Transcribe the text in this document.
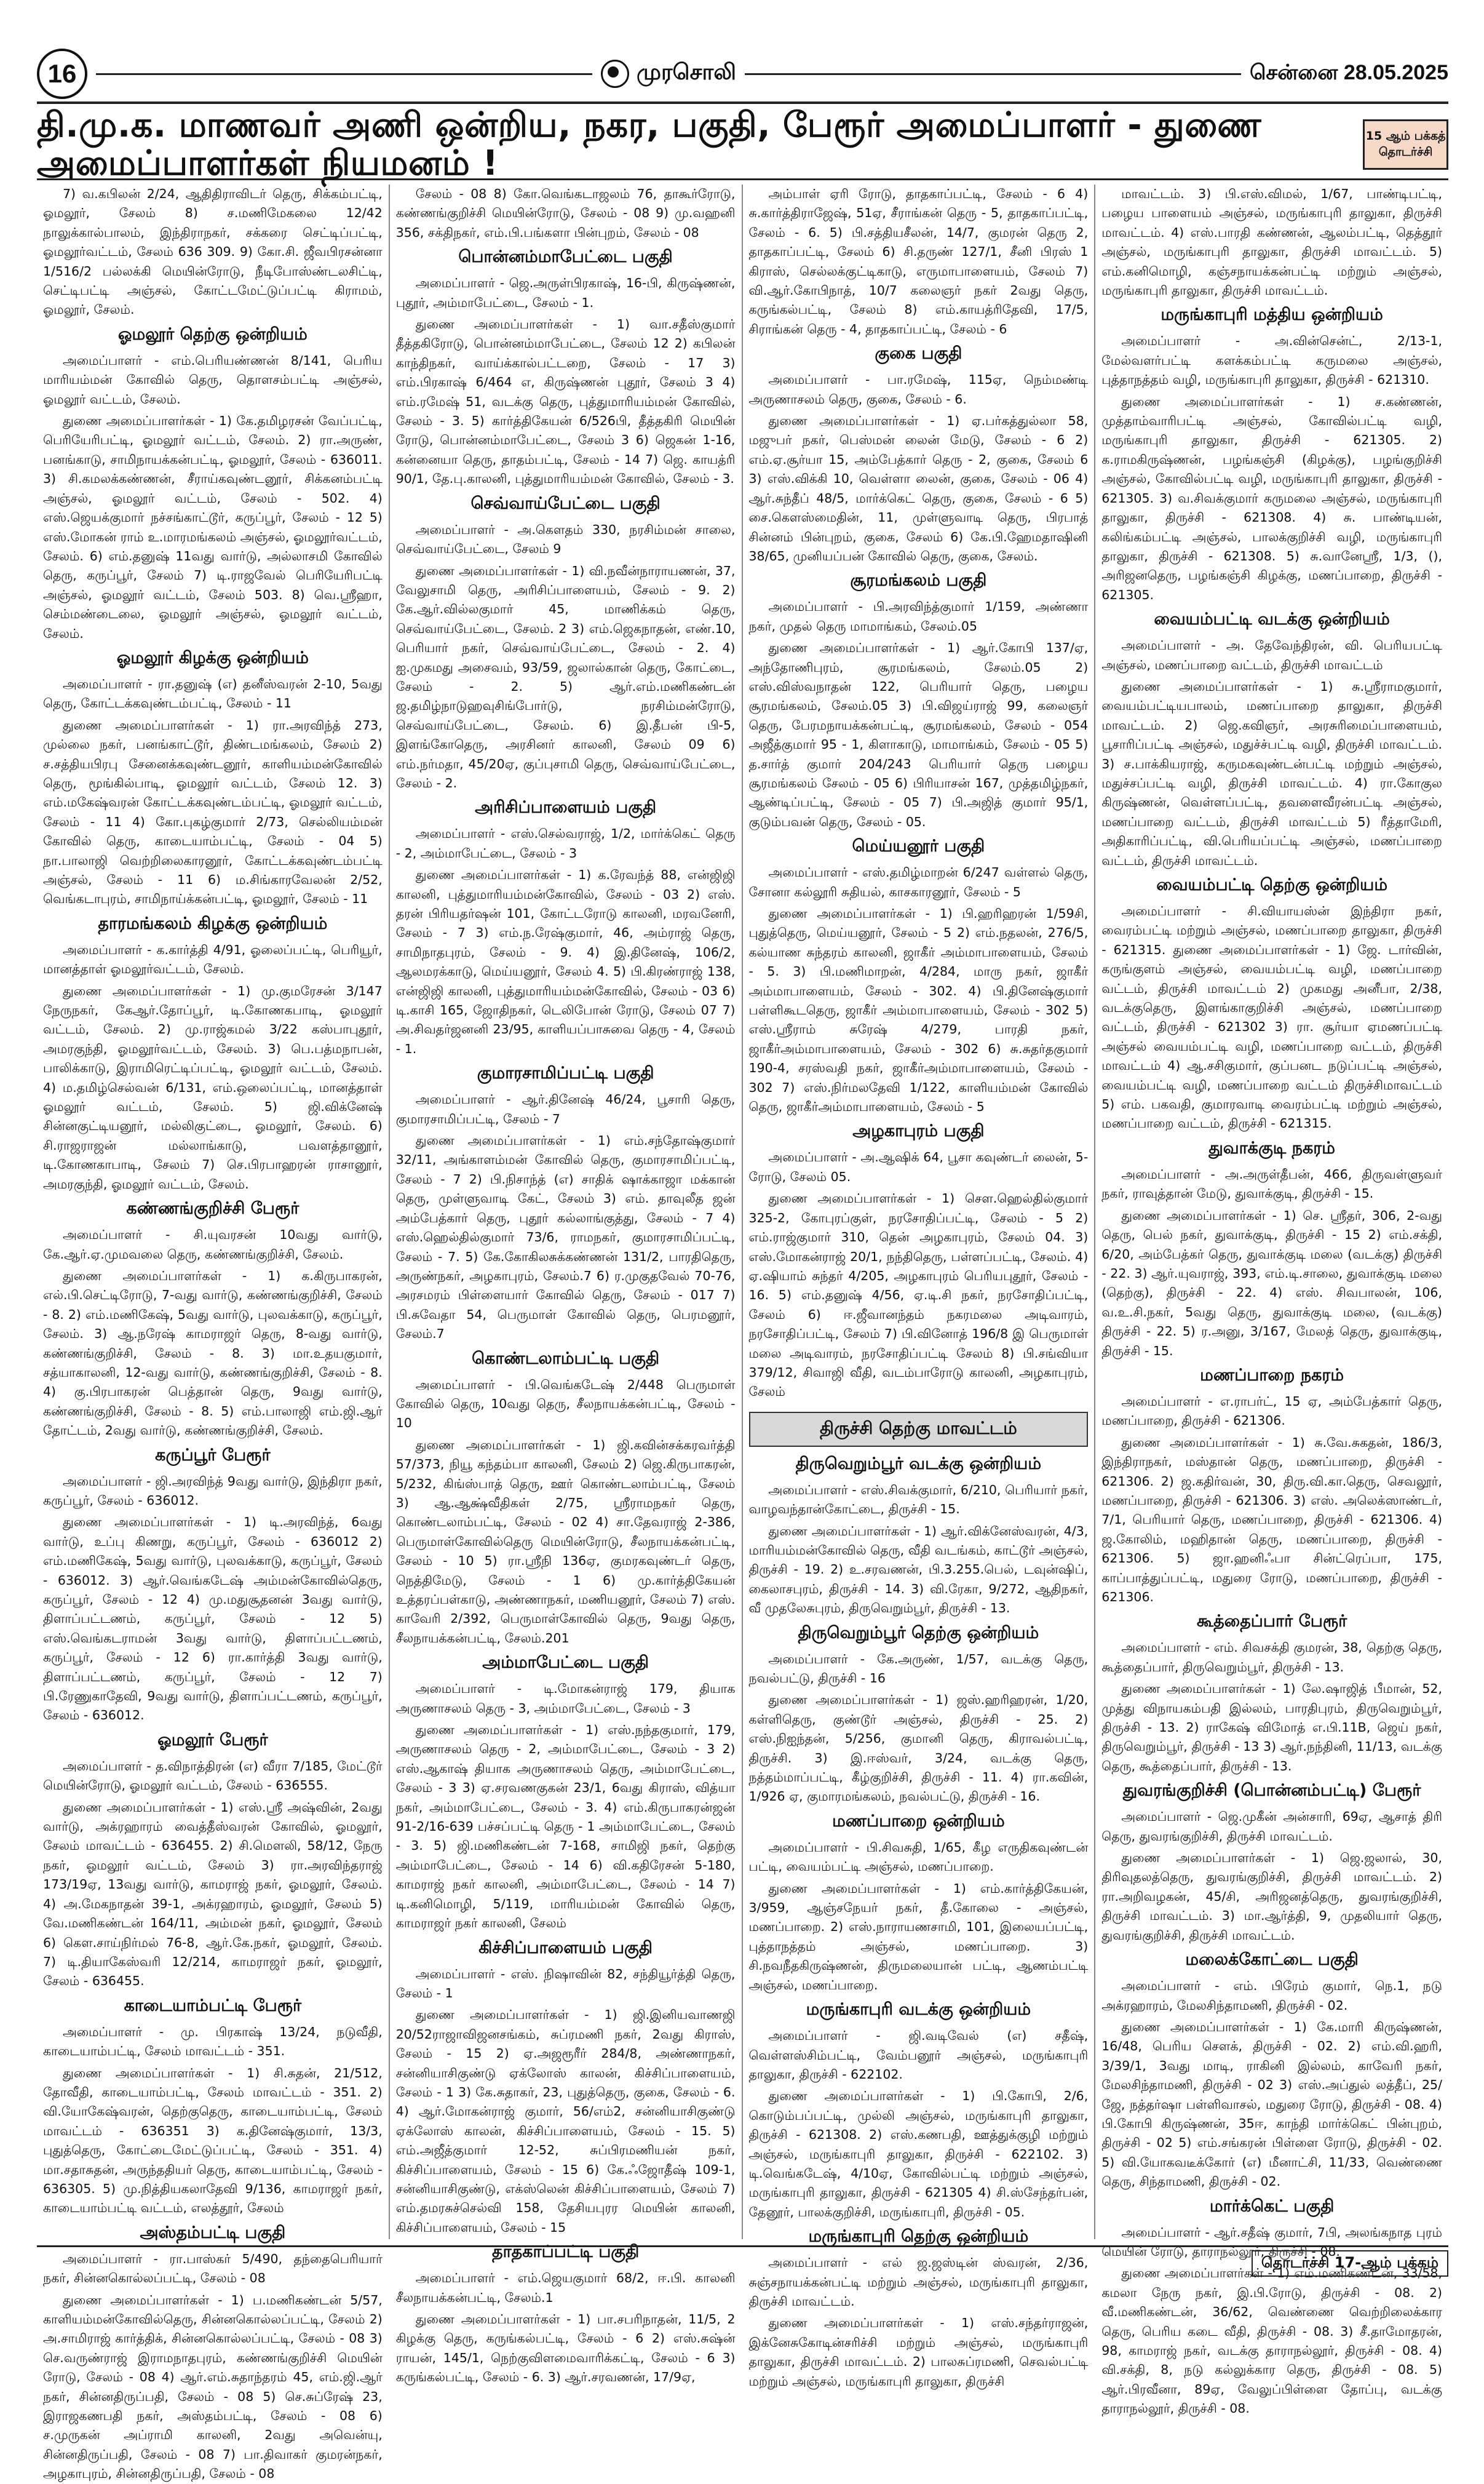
16	முரசொலி	சென்னை 28.05.2025
தி.மு.க. மாணவர் அணி ஒன்றிய, நகர, பகுதி, பேரூர் அமைப்பாளர் - துணை அமைப்பாளர்கள் நியமனம் !
15 ஆம் பக்கத்
தொடர்ச்சி

7) வ.கபிலன் 2/24, ஆதிதிராவிடர் தெரு, சிக்கம்பட்டி, ஓமலூர், சேலம் 8) ச.மணிமேகலை 12/42 நாலுக்கால்பாலம், இந்திராநகர், சக்கரை செட்டிப்பட்டி, ஓமலூர்வட்டம், சேலம் 636 309. 9) கோ.சி. ஜீவபிரசன்னா 1/516/2 பல்லக்கி மெயின்ரோடு, நீடிபோஸ்ண்டலசிட்டி, செட்டிபட்டி அஞ்சல், கோட்டமேட்டுப்பட்டி கிராமம், ஓமலூர், சேலம்.

ஓமலூர் தெற்கு ஒன்றியம்

அமைப்பாளர் - எம்.பெரியண்ணன் 8/141, பெரிய மாரியம்மன் கோவில் தெரு, தொளசம்பட்டி அஞ்சல், ஓமலூர் வட்டம், சேலம்.

துணை அமைப்பாளர்கள் - 1) கே.தமிழரசன் வேப்பட்டி, பெரியேரிபட்டி, ஓமலூர் வட்டம், சேலம். 2) ரா.அருண், பனங்காடு, சாமிநாயக்கன்பட்டி, ஓமலூர், சேலம் - 636011. 3) சி.கமலக்கண்ணன், சீராய்கவுண்டனூர், சிக்கனம்பட்டி அஞ்சல், ஓமலூர் வட்டம், சேலம் - 502. 4) எஸ்.ஜெயக்குமார் நச்சங்காட்டூர், கருப்பூர், சேலம் - 12 5) எஸ்.மோகன் ராம் உ.மாரமங்கலம் அஞ்சல், ஓமலூர்வட்டம், சேலம். 6) எம்.தனுஷ் 11வது வார்டு, அல்லாசமி கோவில் தெரு, கருப்பூர், சேலம் 7) டி.ராஜவேல் பெரியேரிபட்டி அஞ்சல், ஓமலூர் வட்டம், சேலம் 503. 8) வெ.ஸ்ரீஹா, செம்மண்டைலை, ஓமலூர் அஞ்சல், ஓமலூர் வட்டம், சேலம்.

ஓமலூர் கிழக்கு ஒன்றியம்

அமைப்பாளர் - ரா.தனுஷ் (எ) தனீஸ்வரன் 2-10, 5வது தெரு, கோட்டக்கவுண்டம்பட்டி, சேலம் - 11

துணை அமைப்பாளர்கள் - 1) ரா.அரவிந்த் 273, முல்லை நகர், பனங்காட்டூர், திண்டமங்கலம், சேலம் 2) ச.சத்தியபிரபு சேனைக்கவுண்டனூர், காளியம்மன்கோவில் தெரு, மூங்கில்பாடி, ஓமலூர் வட்டம், சேலம் 12. 3) எம்.மகேஷ்வரன் கோட்டக்கவுண்டம்பட்டி, ஓமலூர் வட்டம், சேலம் - 11 4) கோ.புகழ்குமார் 2/73, செல்லியம்மன் கோவில் தெரு, காடையாம்பட்டி, சேலம் - 04 5) நா.பாலாஜி வெற்றிலைகாரனூர், கோட்டக்கவுண்டம்பட்டி அஞ்சல், சேலம் - 11 6) ம.சிங்காரவேலன் 2/52, வெங்கடாபுரம், சாமிநாய்க்கன்பட்டி, ஓமலூர், சேலம் - 11

தாரமங்கலம் கிழக்கு ஒன்றியம்

அமைப்பாளர் - க.கார்த்தி 4/91, ஓலைப்பட்டி, பெரியூர், மானத்தாள் ஓமலூர்வட்டம், சேலம்.

துணை அமைப்பாளர்கள் - 1) மு.குமரேசன் 3/147 நேருநகர், கேஆர்.தோப்பூர், டி.கோணகபாடி, ஓமலூர் வட்டம், சேலம். 2) மு.ராஜ்கமல் 3/22 கஸ்பாபுதூர், அமரகுந்தி, ஓமலூர்வட்டம், சேலம். 3) பெ.பத்மநாபன், பாலிக்காடு, இராமிரெட்டிப்பட்டி, ஓமலூர் வட்டம், சேலம். 4) ம.தமிழ்செல்வன் 6/131, எம்.ஒலைப்பட்டி, மானத்தாள் ஓமலூர் வட்டம், சேலம். 5) ஜி.விக்னேஷ் சின்னகுட்டியனூர், மல்லிகுட்டை, ஓமலூர், சேலம். 6) சி.ராஜராஜன் மல்லாங்காடு, பவளத்தானூர், டி.கோணகாபாடி, சேலம் 7) செ.பிரபாஹரன் ராசானூர், அமரகுந்தி, ஓமலூர் வட்டம், சேலம்.

கண்ணங்குறிச்சி பேரூர்

அமைப்பாளர் - சி.யுவரசன் 10வது வார்டு, கே.ஆர்.ஏ.முமவலை தெரு, கண்ணங்குறிச்சி, சேலம்.

துணை அமைப்பாளர்கள் - 1) க.கிருபாகரன், எல்.பி.செட்டிரோடு, 7-வது வார்டு, கண்ணங்குறிச்சி, சேலம் - 8. 2) எம்.மணிகேஷ், 5வது வார்டு, புலவக்காடு, கருப்பூர், சேலம். 3) ஆ.நரேஷ் காமராஜர் தெரு, 8-வது வார்டு, கண்ணங்குறிச்சி, சேலம் - 8. 3) மா.உதயகுமார், சத்யாகாலனி, 12-வது வார்டு, கண்ணங்குறிச்சி, சேலம் - 8. 4) கு.பிரபாகரன் பெத்தான் தெரு, 9வது வார்டு, கண்ணங்குறிச்சி, சேலம் - 8. 5) எம்.பாலாஜி எம்.ஜி.ஆர் தோட்டம், 2வது வார்டு, கண்ணங்குறிச்சி, சேலம்.

கருப்பூர் பேரூர்

அமைப்பாளர் - ஜி.அரவிந்த் 9வது வார்டு, இந்திரா நகர், கருப்பூர், சேலம் - 636012.

துணை அமைப்பாளர்கள் - 1) டி.அரவிந்த், 6வது வார்டு, உப்பு கிணறு, கருப்பூர், சேலம் - 636012 2) எம்.மணிகேஷ், 5வது வார்டு, புலவக்காடு, கருப்பூர், சேலம் - 636012. 3) ஆர்.வெங்கடேஷ் அம்மன்கோவில்தெரு, கருப்பூர், சேலம் - 12 4) மு.மதுசூதனன் 3வது வார்டு, திளாப்பட்டணம், கருப்பூர், சேலம் - 12 5) எஸ்.வெங்கடராமன் 3வது வார்டு, திளாப்பட்டணம், கருப்பூர், சேலம் - 12 6) ரா.கார்த்தி 3வது வார்டு, திளாப்பட்டணம், கருப்பூர், சேலம் - 12 7) பி.ரேணுகாதேவி, 9வது வார்டு, திளாப்பட்டணம், கருப்பூர், சேலம் - 636012.

ஓமலூர் பேரூர்

அமைப்பாளர் - த.விநாத்திரன் (எ) வீரா 7/185, மேட்டூர் மெயின்ரோடு, ஓமலூர் வட்டம், சேலம் - 636555.

துணை அமைப்பாளர்கள் - 1) எஸ்.ஸ்ரீ அஷ்வின், 2வது வார்டு, அக்ரஹாரம் வைத்தீஸ்வரன் கோவில், ஓமலூர், சேலம் மாவட்டம் - 636455. 2) சி.மௌலி, 58/12, நேரு நகர், ஓமலூர் வட்டம், சேலம் 3) ரா.அரவிந்தராஜ் 173/19ஏ, 13வது வார்டு, காமராஜ் நகர், ஓமலூர், சேலம். 4) அ.மேகநாதன் 39-1, அக்ரஹாரம், ஓமலூர், சேலம் 5) வே.மணிகண்டன் 164/11, அம்மன் நகர், ஓமலூர், சேலம் 6) கௌ.சாய்நிர்மல் 76-8, ஆர்.கே.நகர், ஓமலூர், சேலம். 7) டி.தியாகேஸ்வரி 12/214, காமராஜர் நகர், ஓமலூர், சேலம் - 636455.

காடையாம்பட்டி பேரூர்

அமைப்பாளர் - மு. பிரகாஷ் 13/24, நடுவீதி, காடையாம்பட்டி, சேலம் மாவட்டம் - 351.

துணை அமைப்பாளர்கள் - 1) சி.சுதன், 21/512, தோவீதி, காடையாம்பட்டி, சேலம் மாவட்டம் - 351. 2) வி.யோகேஷ்வரன், தெற்குதெரு, காடையாம்பட்டி, சேலம் மாவட்டம் - 636351 3) க.தினேஷ்குமார், 13/3, புதுத்தெரு, கோட்டைமேட்டுப்பட்டி, சேலம் - 351. 4) மா.சதாசுதன், அருந்ததியர் தெரு, காடையாம்பட்டி, சேலம் - 636305. 5) மு.நித்தியகலாதேவி 9/136, காமராஜர் நகர், காடையாம்பட்டி வட்டம், எலத்தூர், சேலம்

அஸ்தம்பட்டி பகுதி

அமைப்பாளர் - ரா.பாஸ்கர் 5/490, தந்தைபெரியார் நகர், சின்னகொல்லப்பட்டி, சேலம் - 08

துணை அமைப்பாளர்கள் - 1) ப.மணிகண்டன் 5/57, காளியம்மன்கோவில்தெரு, சின்னகொல்லப்பட்டி, சேலம் 2) அ.சாமிராஜ் கார்த்திக், சின்னகொல்லப்பட்டி, சேலம் - 08 3) செ.வருண்ராஜ் இராமநாதபுரம், கண்ணங்குறிச்சி மெயின் ரோடு, சேலம் - 08 4) ஆர்.எம்.சுதாந்தரம் 45, எம்.ஜி.ஆர் நகர், சின்னதிருப்பதி, சேலம் - 08 5) செ.சுப்ரேஷ் 23, இராஜகணபதி நகர், அஸ்தம்பட்டி, சேலம் - 08 6) ச.முருகன் அப்ராமி காலனி, 2வது அவென்யு, சின்னதிருப்பதி, சேலம் - 08 7) பா.திவாகர் குமரன்நகர், அழகாபுரம், சின்னதிருப்பதி, சேலம் - 08

சேலம் - 08 8) கோ.வெங்கடாஜலம் 76, தாகூர்ரோடு, கண்ணங்குறிச்சி மெயின்ரோடு, சேலம் - 08 9) மு.வஹனி 356, சக்திநகர், எம்.பி.பங்களா பின்புறம், சேலம் - 08

பொன்னம்மாபேட்டை பகுதி

அமைப்பாளர் - ஜெ.அருள்பிரகாஷ், 16-பி, கிருஷ்ணன், புதூர், அம்மாபேட்டை, சேலம் - 1.

துணை அமைப்பாளர்கள் - 1) வா.சதீஸ்குமார் தீத்தகிரோடு, பொன்னம்மாபேட்டை, சேலம் 12 2) கபிலன் காந்திநகர், வாய்க்கால்பட்டறை, சேலம் - 17 3) எம்.பிரகாஷ் 6/464 எ, கிருஷ்ணன் புதூர், சேலம் 3 4) எம்.ரமேஷ் 51, வடக்கு தெரு, புத்துமாரியம்மன் கோவில், சேலம் - 3. 5) கார்த்திகேயன் 6/526பி, தீத்தகிரி மெயின் ரோடு, பொன்னம்மாபேட்டை, சேலம் 3 6) ஜெகன் 1-16, கன்னையா தெரு, தாதம்பட்டி, சேலம் - 14 7) ஜெ. காயத்ரி 90/1, தே.பு.காலனி, புத்துமாரியம்மன் கோவில், சேலம் - 3.

செவ்வாய்பேட்டை பகுதி

அமைப்பாளர் - அ.கௌதம் 330, நரசிம்மன் சாலை, செவ்வாய்பேட்டை, சேலம் 9

துணை அமைப்பாளர்கள் - 1) வி.நவீன்நாராயணன், 37, வேலுசாமி தெரு, அரிசிப்பாளையம், சேலம் - 9. 2) கே.ஆர்.வில்லகுமார் 45, மாணிக்கம் தெரு, செவ்வாய்பேட்டை, சேலம். 2 3) எம்.ஜெகநாதன், எண்.10, பெரியார் நகர், செவ்வாய்பேட்டை, சேலம் - 2. 4) ஐ.முகமது அசைவம், 93/59, ஜலால்கான் தெரு, கோட்டை, சேலம் - 2. 5) ஆர்.எம்.மணிகண்டன் ஜ.தமிழ்நாடுஹவுசிங்போர்டு, நரசிம்மன்ரோடு, செவ்வாய்பேட்டை, சேலம். 6) இ.தீபன் பி-5, இளங்கோதெரு, அரசினர் காலனி, சேலம் 09 6) எம்.நர்மதா, 45/20ஏ, குப்புசாமி தெரு, செவ்வாய்பேட்டை, சேலம் - 2.

அரிசிப்பாளையம் பகுதி

அமைப்பாளர் - எஸ்.செல்வராஜ், 1/2, மார்க்கெட் தெரு - 2, அம்மாபேட்டை, சேலம் - 3

துணை அமைப்பாளர்கள் - 1) க.ரேவந்த் 88, என்ஜிஜி காலனி, புத்துமாரியம்மன்கோவில், சேலம் - 03 2) எஸ். தரன் பிரியதர்ஷன் 101, கோட்டரோடு காலனி, மரவனேரி, சேலம் - 7 3) எம்.ந.ரேஷ்குமார், 46, அம்ராஜ் தெரு, சாமிநாதபுரம், சேலம் - 9. 4) இ.தினேஷ், 106/2, ஆலமரக்காடு, மெய்யனூர், சேலம் 4. 5) பி.கிரண்ராஜ் 138, என்ஜிஜி காலனி, புத்துமாரியம்மன்கோவில், சேலம் - 03 6) டி.காசி 165, ஜோதிநகர், டெலிபோன் ரோடு, சேலம் 07 7) அ.சிவதர்ஜனனி 23/95, காளியப்பாசுவை தெரு - 4, சேலம் - 1.

குமாரசாமிப்பட்டி பகுதி

அமைப்பாளர் - ஆர்.தினேஷ் 46/24, பூசாரி தெரு, குமாரசாமிப்பட்டி, சேலம் - 7

துணை அமைப்பாளர்கள் - 1) எம்.சந்தோஷ்குமார் 32/11, அங்காளம்மன் கோவில் தெரு, குமாரசாமிப்பட்டி, சேலம் - 7 2) பி.நிசாந்த் (எ) சாதிக் ஷாக்காஜா மக்கான் தெரு, முள்ளுவாடி கேட், சேலம் 3) எம். தாவுலீத ஜன் அம்பேத்கார் தெரு, புதூர் கல்லாங்குத்து, சேலம் - 7 4) எஸ்.ஹெல்தில்குமார் 73/6, ராமநகர், குமாரசாமிப்பட்டி, சேலம் - 7. 5) கே.கோகிலசுக்கண்ணன் 131/2, பாரதிதெரு, அருண்நகர், அழகாபுரம், சேலம்.7 6) ர.முகுதவேல் 70-76, அரசமரம் பிள்ளையார் கோவில் தெரு, சேலம் - 017 7) பி.சுவேதா 54, பெருமாள் கோவில் தெரு, பெரமனூர், சேலம்.7

கொண்டலாம்பட்டி பகுதி

அமைப்பாளர் - பி.வெங்கடேஷ் 2/448 பெருமாள் கோவில் தெரு, 10வது தெரு, சீலநாயக்கன்பட்டி, சேலம் - 10

துணை அமைப்பாளர்கள் - 1) ஜி.கவின்சக்கரவர்த்தி 57/373, நியூ கந்தம்பா காலனி, சேலம் 2) ஜெ.கிருபாகரன், 5/232, கிங்ஸ்பாத் தெரு, ஊர் கொண்டலாம்பட்டி, சேலம் 3) ஆ.ஆக்ஷ்வீதிகள் 2/75, ஸ்ரீராமநகர் தெரு, கொண்டலாம்பட்டி, சேலம் - 02 4) சா.தேவராஜ் 2-386, பெருமாள்கோவில்தெரு மெயின்ரோடு, சீலநாயக்கன்பட்டி, சேலம் - 10 5) ரா.ஸ்ரீநி 136ஏ, குமரகவுண்டர் தெரு, நெத்திமேடு, சேலம் - 1 6) மு.கார்த்திகேயன் உத்தரப்பள்காடு, அண்ணாநகர், மணியனூர், சேலம் 7) எஸ். காவேரி 2/392, பெருமாள்கோவில் தெரு, 9வது தெரு, சீலநாயக்கன்பட்டி, சேலம்.201

அம்மாபேட்டை பகுதி

அமைப்பாளர் - டி.மோகன்ராஜ் 179, தியாக அருணாசலம் தெரு - 3, அம்மாபேட்டை, சேலம் - 3

துணை அமைப்பாளர்கள் - 1) எஸ்.நந்தகுமார், 179, அருணாசலம் தெரு - 2, அம்மாபேட்டை, சேலம் - 3 2) எஸ்.ஆகாஷ் தியாக அருணாசலம் தெரு, அம்மாபேட்டை, சேலம் - 3 3) ஏ.சரவணகுகன் 23/1, 6வது கிராஸ், வித்யா நகர், அம்மாபேட்டை, சேலம் - 3. 4) எம்.கிருபாகரன்ஜன் 91-2/16-639 பச்சப்பட்டி தெரு - 1 அம்மாபேட்டை, சேலம் - 3. 5) ஜி.மணிகண்டன் 7-168, சாமிஜி நகர், தெற்கு அம்மாபேட்டை, சேலம் - 14 6) வி.கதிரேசன் 5-180, காமராஜ் நகர் காலனி, அம்மாபேட்டை, சேலம் - 14 7) டி.கனிமொழி, 5/119, மாரியம்மன் கோவில் தெரு, காமராஜர் நகர் காலனி, சேலம்

கிச்சிப்பாளையம் பகுதி

அமைப்பாளர் - எஸ். நிஷாவின் 82, சந்தியூர்த்தி தெரு, சேலம் - 1

துணை அமைப்பாளர்கள் - 1) ஜி.இனியவாணஜி 20/52ராஜாவிஜனசங்கம், சுப்ரமணி நகர், 2வது கிராஸ், சேலம் - 15 2) ஏ.அஜரூரீர் 284/8, அண்ணாநகர், சன்னியாசிகுண்டு ஏக்லோஸ் காலன், கிச்சிப்பாளையம், சேலம் - 1 3) கே.சுதாகர், 23, புதுத்தெரு, குகை, சேலம் - 6. 4) ஆர்.மோகன்ராஜ் குமார், 56/எம்2, சன்னியாசிகுண்டு ஏக்லோஸ் காலன், கிச்சிப்பாளையம், சேலம் - 15. 5) எம்.அஜீத்குமார் 12-52, சுப்பிரமணியன் நகர், கிச்சிப்பாளையம், சேலம் - 15 6) கே.ஃஜோதீஷ் 109-1, சன்னியாசிகுண்டு, எக்ஸ்லென் கிச்சிப்பாளையம், சேலம் 7) எம்.தமரசுச்செல்வி 158, தேசியபுரர மெயின் காலனி, கிச்சிப்பாளையம், சேலம் - 15

தாதகாப்பட்டி பகுதி

அமைப்பாளர் - எம்.ஜெயகுமார் 68/2, ஈ.பி. காலனி சீலநாயக்கன்பட்டி, சேலம்.1

துணை அமைப்பாளர்கள் - 1) பா.சபரிநாதன், 11/5, 2 கிழக்கு தெரு, கருங்கல்பட்டி, சேலம் - 6 2) எஸ்.சுஷ்ன் ராயன், 145/1, நெற்குவிளமைவாரிக்கட்டி, சேலம் - 6 3) கருங்கல்பட்டி, சேலம் - 6. 3) ஆர்.சரவணன், 17/9ஏ,

அம்பாள் ஏரி ரோடு, தாதகாப்பட்டி, சேலம் - 6 4) சு.கார்த்திராஜேஷ், 51ஏ, சீராங்கன் தெரு - 5, தாதகாப்பட்டி, சேலம் - 6. 5) பி.சத்தியசீலன், 14/7, குமரன் தெரு 2, தாதகாப்பட்டி, சேலம் 6) சி.தருண் 127/1, சீனி பிரஸ் 1 கிராஸ், செல்லக்குட்டிகாடு, எருமாபாளையம், சேலம் 7) வி.ஆர்.கோபிநாத், 10/7 கலைஞர் நகர் 2வது தெரு, கருங்கல்பட்டி, சேலம் 8) எம்.காயத்ரிதேவி, 17/5, சிராங்கன் தெரு - 4, தாதகாப்பட்டி, சேலம் - 6

குகை பகுதி

அமைப்பாளர் - பா.ரமேஷ், 115ஏ, நெம்மண்டி அருணாசலம் தெரு, குகை, சேலம் - 6.

துணை அமைப்பாளர்கள் - 1) ஏ.பர்கத்துல்லா 58, மஜுபர் நகர், பெஸ்மன் லைன் மேடு, சேலம் - 6 2) எம்.ஏ.சூர்யா 15, அம்பேத்கார் தெரு - 2, குகை, சேலம் 6 3) எஸ்.விக்கி 10, வெள்ளா லைன், குகை, சேலம் - 06 4) ஆர்.சுந்தீப் 48/5, மார்க்கெட் தெரு, குகை, சேலம் - 6 5) சை.கௌஸ்மைதின், 11, முள்ளுவாடி தெரு, பிரபாத் சின்னம் பின்புறம், குகை, சேலம் 6) கே.பி.ஹேமதாஷினி 38/65, முனியப்பன் கோவில் தெரு, குகை, சேலம்.

சூரமங்கலம் பகுதி

அமைப்பாளர் - பி.அரவிந்த்குமார் 1/159, அண்ணா நகர், முதல் தெரு மாமாங்கம், சேலம்.05

துணை அமைப்பாளர்கள் - 1) ஆர்.கோபி 137/ஏ, அந்தோணிபுரம், சூரமங்கலம், சேலம்.05 2) எஸ்.விஸ்வநாதன் 122, பெரியார் தெரு, பழைய சூரமங்கலம், சேலம்.05 3) பி.விஜய்ராஜ் 99, கலைஞர் தெரு, பேரமநாயக்கன்பட்டி, சூரமங்கலம், சேலம் - 054 அஜீத்குமார் 95 - 1, கிளாகாடு, மாமாங்கம், சேலம் - 05 5) த.சார்த் குமார் 204/243 பெரியார் தெரு பழைய சூரமங்கலம் சேலம் - 05 6) பிரியாசன் 167, முத்தமிழ்நகர், ஆண்டிப்பட்டி, சேலம் - 05 7) பி.அஜித் குமார் 95/1, குடும்பவன் தெரு, சேலம் - 05.

மெய்யனூர் பகுதி

அமைப்பாளர் - எஸ்.தமிழ்மாறன் 6/247 வள்ளல் தெரு, சோனா கல்லூரி சுதியல், காசகாரனூர், சேலம் - 5

துணை அமைப்பாளர்கள் - 1) பி.ஹரிஹரன் 1/59சி, புதுத்தெரு, மெய்யனூர், சேலம் - 5 2) எம்.நதலன், 276/5, கல்யாண சுந்தரம் காலனி, ஜாகீர் அம்மாபாளையம், சேலம் - 5. 3) பி.மணிமாறன், 4/284, மாரு நகர், ஜாகீர் அம்மாபாளையம், சேலம் - 302. 4) பி.தினேஷ்குமார் பள்ளிகூடதெரு, ஜாகீர் அம்மாபாளையம், சேலம் - 302 5) எஸ்.ஸ்ரீராம் சுரேஷ் 4/279, பாரதி நகர், ஜாகீர்அம்மாபாளையம், சேலம் - 302 6) சு.சுதர்தகுமார் 190-4, சரஸ்வதி நகர், ஜாகீர்அம்மாபாளையம், சேலம் - 302 7) எஸ்.நிர்மலதேவி 1/122, காளியம்மன் கோவில் தெரு, ஜாகீர்அம்மாபாளையம், சேலம் - 5

அழகாபுரம் பகுதி

அமைப்பாளர் - அ.ஆஷிக் 64, பூசா கவுண்டர் லைன், 5-ரோடு, சேலம் 05.

துணை அமைப்பாளர்கள் - 1) சௌ.ஹெல்தில்குமார் 325-2, கோபுரப்குள், நரசோதிப்பட்டி, சேலம் - 5 2) எம்.ராஜ்குமார் 310, தென் அழகாபுரம், சேலம் 04. 3) எஸ்.மோகன்ராஜ் 20/1, நந்திதெரு, பள்ளப்பட்டி, சேலம். 4) ஏ.ஷியாம் சுந்தர் 4/205, அழகாபுரம் பெரியபுதூர், சேலம் - 16. 5) எம்.தனுஷ் 4/56, ஏ.டி.சி நகர், நரசோதிப்பட்டி, சேலம் 6) ஈ.ஜீவானந்தம் நகரமலை அடிவாரம், நரசோதிப்பட்டி, சேலம் 7) பி.வினோத் 196/8 இ பெருமாள் மலை அடிவாரம், நரசோதிப்பட்டி சேலம் 8) பி.சங்வியா 379/12, சிவாஜி வீதி, வடம்பாரோடு காலனி, அழகாபுரம், சேலம்

திருச்சி தெற்கு மாவட்டம்
திருவெறும்பூர் வடக்கு ஒன்றியம்

அமைப்பாளர் - எஸ்.சிவக்குமார், 6/210, பெரியார் நகர், வாழவந்தான்கோட்டை, திருச்சி - 15.

துணை அமைப்பாளர்கள் - 1) ஆர்.விக்னேஸ்வரன், 4/3, மாரியம்மன்கோவில் தெரு, வீதி வடங்கம், காட்டூர் அஞ்சல், திருச்சி - 19. 2) உ.சரவணன், பி.3.255.பெல், டவுன்ஷிப், கைலாசபுரம், திருச்சி - 14. 3) வி.ரேகா, 9/272, ஆதிநகர், வீ முதலேசுபுரம், திருவெறும்பூர், திருச்சி - 13.

திருவெறும்பூர் தெற்கு ஒன்றியம்

அமைப்பாளர் - கே.அருண், 1/57, வடக்கு தெரு, நவல்பட்டு, திருச்சி - 16

துணை அமைப்பாளர்கள் - 1) ஜஸ்.ஹரிஹரன், 1/20, கள்ளிதெரு, குண்டூர் அஞ்சல், திருச்சி - 25. 2) எஸ்.நிஐந்தன், 5/256, குமானி தெரு, கிராவல்பட்டி, திருச்சி. 3) இ.ஈஸ்வர், 3/24, வடக்கு தெரு, நத்தம்மாப்பட்டி, கீழ்குறிச்சி, திருச்சி - 11. 4) ரா.கவின், 1/926 ஏ, குமாரமங்கலம், நவல்பட்டு, திருச்சி - 16.

மணப்பாறை ஒன்றியம்

அமைப்பாளர் - பி.சிவசுதி, 1/65, கீழ எருதிகவுண்டன் பட்டி, வையம்பட்டி அஞ்சல், மணப்பாறை.

துணை அமைப்பாளர்கள் - 1) எம்.கார்த்திகேயன், 3/959, ஆஞ்சநேயர் நகர், தீ.கோலை - அஞ்சல், மணப்பாறை. 2) எஸ்.நாராயணசாமி, 101, இலையப்பட்டி, புத்தாநத்தம் அஞ்சல், மணப்பாறை. 3) சி.நவநீதகிருஷ்ணன், திருமலையான் பட்டி, ஆணம்பட்டி அஞ்சல், மணப்பாறை.

மருங்காபுரி வடக்கு ஒன்றியம்

அமைப்பாளர் - ஜி.வடிவேல் (எ) சதீஷ், வெள்ளஸ்சிம்பட்டி, வேம்பனூர் அஞ்சல், மருங்காபுரி தாலுகா, திருச்சி - 622102.

துணை அமைப்பாளர்கள் - 1) பி.கோபி, 2/6, கொடும்பப்பட்டி, முல்லி அஞ்சல், மருங்காபுரி தாலுகா, திருச்சி - 621308. 2) எஸ்.கணபதி, ஊத்துக்குழி மற்றும் அஞ்சல், மருங்காபுரி தாலுகா, திருச்சி - 622102. 3) டி.வெங்கடேஷ், 4/10ஏ, கோவில்பட்டி மற்றும் அஞ்சல், மருங்காபுரி தாலுகா, திருச்சி - 621305 4) சி.ஸ்சேந்தர்பன், தேனூர், பாலக்குறிச்சி, மருங்காபுரி, திருச்சி - 05.

மருங்காபுரி தெற்கு ஒன்றியம்

அமைப்பாளர் - எல் ஜ.ஜஸ்டின் ஸ்வரன், 2/36, சுஞ்சநாயக்கன்பட்டி மற்றும் அஞ்சல், மருங்காபுரி தாலுகா, திருச்சி மாவட்டம்.

துணை அமைப்பாளர்கள் - 1) எஸ்.சந்தர்ராஜன், இக்னேசுகோடின்சரிச்சி மற்றும் அஞ்சல், மருங்காபுரி தாலுகா, திருச்சி மாவட்டம். 2) பாலசுப்ரமணி, செவல்பட்டி மற்றும் அஞ்சல், மருங்காபுரி தாலுகா, திருச்சி

மாவட்டம். 3) பி.எஸ்.விமல், 1/67, பாண்டிபட்டி, பழைய பாளையம் அஞ்சல், மருங்காபுரி தாலுகா, திருச்சி மாவட்டம். 4) எஸ்.பாரதி கண்ணன், ஆலம்பட்டி, தெத்தூர் அஞ்சல், மருங்காபுரி தாலுகா, திருச்சி மாவட்டம். 5) எம்.கனிமொழி, கஞ்சநாயக்கன்பட்டி மற்றும் அஞ்சல், மருங்காபுரி தாலுகா, திருச்சி மாவட்டம்.

மருங்காபுரி மத்திய ஒன்றியம்

அமைப்பாளர் - அ.வின்சென்ட், 2/13-1, மேல்வளர்பட்டி களக்கம்பட்டி கருமலை அஞ்சல், புத்தாநத்தம் வழி, மருங்காபுரி தாலுகா, திருச்சி - 621310.

துணை அமைப்பாளர்கள் - 1) ச.கண்ணன், முத்தாம்வாரிபட்டி அஞ்சல், கோவில்பட்டி வழி, மருங்காபுரி தாலுகா, திருச்சி - 621305. 2) க.ராமகிருஷ்ணன், பழங்கஞ்சி (கிழக்கு), பழங்குறிச்சி அஞ்சல், கோவில்பட்டி வழி, மருங்காபுரி தாலுகா, திருச்சி - 621305. 3) வ.சிவக்குமார் கருமலை அஞ்சல், மருங்காபுரி தாலுகா, திருச்சி - 621308. 4) சு. பாண்டியன், கலிங்கம்பட்டி அஞ்சல், பாலக்குறிச்சி வழி, மருங்காபுரி தாலுகா, திருச்சி - 621308. 5) சு.வானேஸ்ரீ, 1/3, (), அரிஜனதெரு, பழங்கஞ்சி கிழக்கு, மணப்பாறை, திருச்சி - 621305.

வையம்பட்டி வடக்கு ஒன்றியம்

அமைப்பாளர் - அ. தேவேந்திரன், வி. பெரியபட்டி அஞ்சல், மணப்பாறை வட்டம், திருச்சி மாவட்டம்

துணை அமைப்பாளர்கள் - 1) சு.ஸ்ரீராமகுமார், வையம்பட்டியபாலம், மணப்பாறை தாலுகா, திருச்சி மாவட்டம். 2) ஜெ.கவிஞர், அரசுரிமைப்பாளையம், பூசாரிப்பட்டி அஞ்சல், மதுச்ச்பட்டி வழி, திருச்சி மாவட்டம். 3) ச.பாக்கியராஜ், கருமகவுண்டன்பட்டி மற்றும் அஞ்சல், மதுச்சப்பட்டி வழி, திருச்சி மாவட்டம். 4) ரா.கோகுல கிருஷ்ணன், வெள்ளப்பட்டி, தவளைவீரன்பட்டி அஞ்சல், மணப்பாறை வட்டம், திருச்சி மாவட்டம் 5) ரீத்தாமேரி, அதிகாரிப்பட்டி, வி.பெரியப்பட்டி அஞ்சல், மணப்பாறை வட்டம், திருச்சி மாவட்டம்.

வையம்பட்டி தெற்கு ஒன்றியம்

அமைப்பாளர் - சி.வியாயஸ்ன் இந்திரா நகர், வைரம்பட்டி மற்றும் அஞ்சல், மணப்பாறை தாலுகா, திருச்சி - 621315. துணை அமைப்பாளர்கள் - 1) ஜே. டார்வின், கருங்குளம் அஞ்சல், வையம்பட்டி வழி, மணப்பாறை வட்டம், திருச்சி மாவட்டம் 2) முகமது அனீபா, 2/38, வடக்குதெரு, இளங்காகுறிச்சி அஞ்சல், மணப்பாறை வட்டம், திருச்சி - 621302 3) ரா. சூர்யா ஏமணப்பட்டி அஞ்சல் வையம்பட்டி வழி, மணப்பாறை வட்டம், திருச்சி மாவட்டம் 4) ஆ.சசிகுமார், குப்பனட நடுப்பட்டி அஞ்சல், வையம்பட்டி வழி, மணப்பாறை வட்டம் திருச்சிமாவட்டம் 5) எம். பகவதி, குமாரவாடி வைரம்பட்டி மற்றும் அஞ்சல், மணப்பாறை வட்டம், திருச்சி - 621315.

துவாக்குடி நகரம்

அமைப்பாளர் - அ.அருள்தீபன், 466, திருவள்ளுவர் நகர், ராவுத்தான் மேடு, துவாக்குடி, திருச்சி - 15.

துணை அமைப்பாளர்கள் - 1) செ. ஸ்ரீதர், 306, 2-வது தெரு, பெல் நகர், துவாக்குடி, திருச்சி - 15 2) எம்.சக்தி, 6/20, அம்பேத்கர் தெரு, துவாக்குடி மலை (வடக்கு) திருச்சி - 22. 3) ஆர்.யுவராஜ், 393, எம்.டி.சாலை, துவாக்குடி மலை (தெற்கு), திருச்சி - 22. 4) எஸ். சிவபாலன், 106, வ.உ.சி.நகர், 5வது தெரு, துவாக்குடி மலை, (வடக்கு) திருச்சி - 22. 5) ர.அனு, 3/167, மேலத் தெரு, துவாக்குடி, திருச்சி - 15.

மணப்பாறை நகரம்

அமைப்பாளர் - எ.ராபர்ட், 15 ஏ, அம்பேத்கார் தெரு, மணப்பாறை, திருச்சி - 621306.

துணை அமைப்பாளர்கள் - 1) சு.வே.சுகதன், 186/3, இந்திராநகர், மஸ்தான் தெரு, மணப்பாறை, திருச்சி - 621306. 2) ஜ.கதிர்வன், 30, திரு.வி.கா.தெரு, செவலூர், மணப்பாறை, திருச்சி - 621306. 3) எஸ். அலெக்ஸாண்டர், 7/1, பெரியார் தெரு, மணப்பாறை, திருச்சி - 621306. 4) ஜ.கோலிம், மஹிதான் தெரு, மணப்பாறை, திருச்சி - 621306. 5) ஜா.ஹனிஃபா சின்ட்ரெப்பா, 175, காப்பாத்துப்பட்டி, மதுரை ரோடு, மணப்பாறை, திருச்சி - 621306.

கூத்தைப்பார் பேரூர்

அமைப்பாளர் - எம். சிவசக்தி குமரன், 38, தெற்கு தெரு, கூத்தைப்பார், திருவெறும்பூர், திருச்சி - 13.

துணை அமைப்பாளர்கள் - 1) லே.ஷாஜித் பீமான், 52, முத்து விநாயகம்பதி இல்லம், பாரதிபுரம், திருவெறும்பூர், திருச்சி - 13. 2) ராகேஷ் விமோத் எ.பி.11B, ஜெய் நகர், திருவெறும்பூர், திருச்சி - 13 3) ஆர்.நந்தினி, 11/13, வடக்கு தெரு, கூத்தைப்பார், திருச்சி - 13.

துவரங்குறிச்சி (பொன்னம்பட்டி) பேரூர்

அமைப்பாளர் - ஜெ.முகீன் அன்சாரி, 69ஏ, ஆசாத் திரி தெரு, துவரங்குறிச்சி, திருச்சி மாவட்டம்.

துணை அமைப்பாளர்கள் - 1) ஜெ.ஜலால், 30, திரிவுதலத்தெரு, துவரங்குறிச்சி, திருச்சி மாவட்டம். 2) ரா.அறிவழகன், 45/சி, அரிஜனத்தெரு, துவரங்குறிச்சி, திருச்சி மாவட்டம். 3) மா.ஆர்த்தி, 9, முதலியார் தெரு, துவரங்குறிச்சி, திருச்சி மாவட்டம்.

மலைக்கோட்டை பகுதி

அமைப்பாளர் - எம். பிரேம் குமார், நெ.1, நடு அக்ரஹாரம், மேலசிந்தாமணி, திருச்சி - 02.

துணை அமைப்பாளர்கள் - 1) கே.மாரி கிருஷ்ணன், 16/48, பெரிய சௌக், திருச்சி - 02. 2) எம்.வி.ஹரி, 3/39/1, 3வது மாடி, ராகினி இல்லம், காவேரி நகர், மேலசிந்தாமணி, திருச்சி - 02 3) எஸ்.அப்துல் லத்தீப், 25/ஜே, நத்தர்ஷா பள்ளிவாசல், மதுரை ரோடு, திருச்சி - 08. 4) பி.கோபி கிருஷ்ணன், 35ஈ, காந்தி மார்க்கெட் பின்புறம், திருச்சி - 02 5) எம்.சங்கரன் பிள்ளை ரோடு, திருச்சி - 02. 5) வி.யோகவடீக்கோர் (எ) மீனாட்சி, 11/33, வெண்ணை தெரு, சிந்தாமணி, திருச்சி - 02.

மார்க்கெட் பகுதி

அமைப்பாளர் - ஆர்.சதீஷ் குமார், 7பி, அலங்கநாத புரம் மெயின் ரோடு, தாராநல்லூர், திருச்சி - 08.

துணை அமைப்பாளர்கள் - 1) எம்.மணிகண்டன், 33/58, கமலா நேரு நகர், இ.பி.ரோடு, திருச்சி - 08. 2) வீ.மணிகண்டன், 36/62, வெண்ணை வெற்றிலைக்கார தெரு, பெரிய கடை வீதி, திருச்சி - 08. 3) சீ.தாமோதரன், 98, காமராஜ் நகர், வடக்கு தாராநல்லூர், திருச்சி - 08. 4) வி.சக்தி, 8, நடு கல்லுக்கார தெரு, திருச்சி - 08. 5) ஆர்.பிரவீனா, 89ஏ, வேலுப்பிள்ளை தோப்பு, வடக்கு தாராநல்லூர், திருச்சி - 08.

தொடர்ச்சி 17-ஆம் பக்கம்
